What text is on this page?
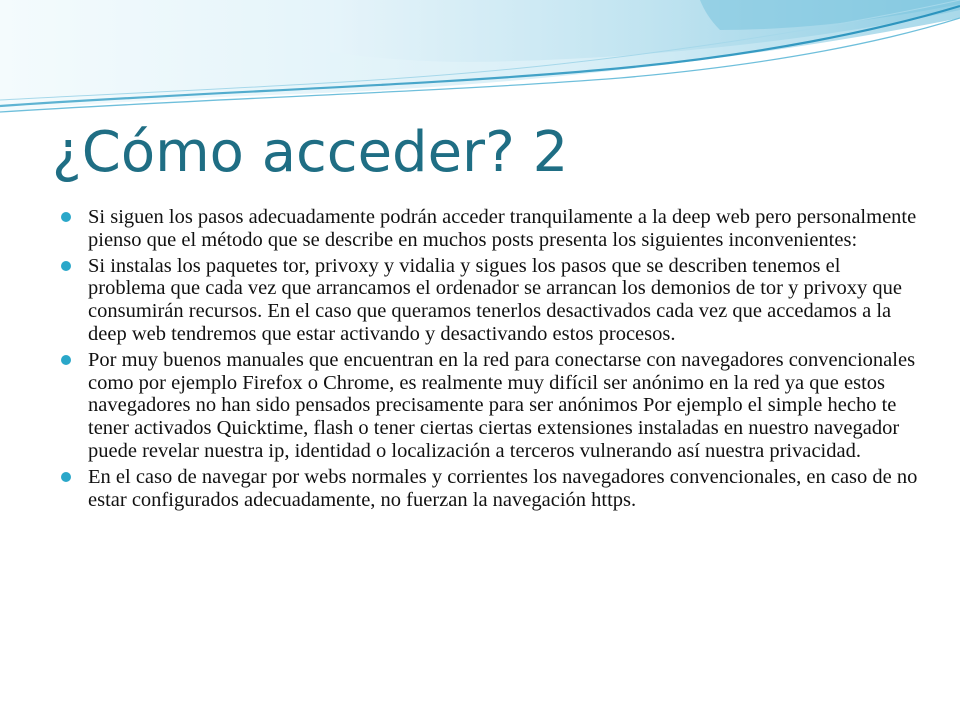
¿Cómo acceder? 2
Si siguen los pasos adecuadamente podrán acceder tranquilamente a la deep web pero personalmente pienso que el método que se describe en muchos posts presenta los siguientes inconvenientes:
Si instalas los paquetes tor, privoxy y vidalia y sigues los pasos que se describen tenemos el problema que cada vez que arrancamos el ordenador se arrancan los demonios de tor y privoxy que consumirán recursos. En el caso que queramos tenerlos desactivados cada vez que accedamos a la deep web tendremos que estar activando y desactivando estos procesos.
Por muy buenos manuales que encuentran en la red para conectarse con navegadores convencionales como por ejemplo Firefox o Chrome, es realmente muy difícil ser anónimo en la red ya que estos navegadores no han sido pensados precisamente para ser anónimos Por ejemplo el simple hecho te tener activados Quicktime, flash o tener ciertas ciertas extensiones instaladas en nuestro navegador puede revelar nuestra ip, identidad o localización a terceros vulnerando así nuestra privacidad.
En el caso de navegar por webs normales y corrientes los navegadores convencionales, en caso de no estar configurados adecuadamente, no fuerzan la navegación https.
